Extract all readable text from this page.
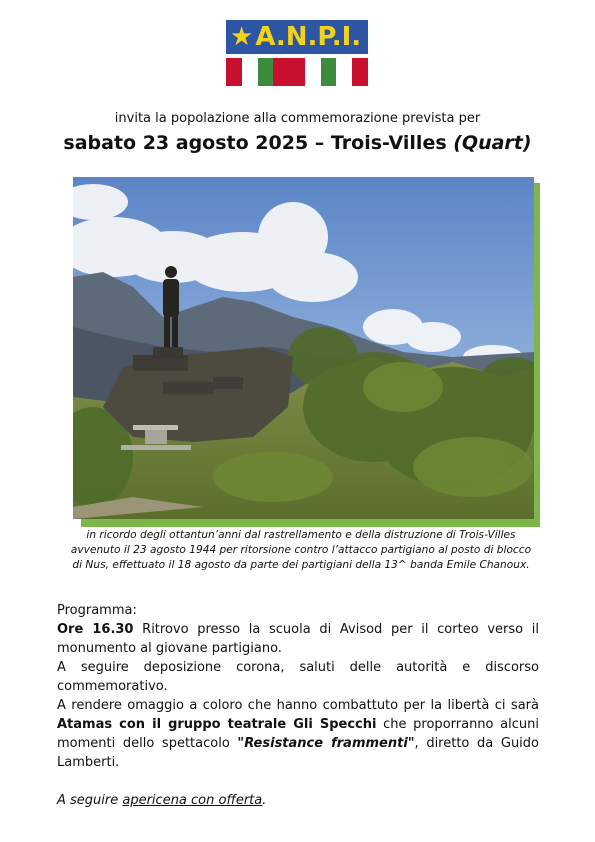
★A.N.P.I.
invita la popolazione alla commemorazione prevista per
sabato 23 agosto 2025 – Trois-Villes (Quart)

in ricordo degli ottantun’anni dal rastrellamento e della distruzione di Trois-Villes

avvenuto il 23 agosto 1944 per ritorsione contro l’attacco partigiano al posto di blocco

di Nus, effettuato il 18 agosto da parte dei partigiani della 13^ banda Emile Chanoux.

Programma:

Ore 16.30 Ritrovo presso la scuola di Avisod per il corteo verso il monumento al giovane partigiano.

A seguire deposizione corona, saluti delle autorità e discorso commemorativo.

A rendere omaggio a coloro che hanno combattuto per la libertà ci sarà Atamas con il gruppo teatrale Gli Specchi che proporranno alcuni momenti dello spettacolo "Resistance frammenti", diretto da Guido Lamberti.

A seguire apericena con offerta.
